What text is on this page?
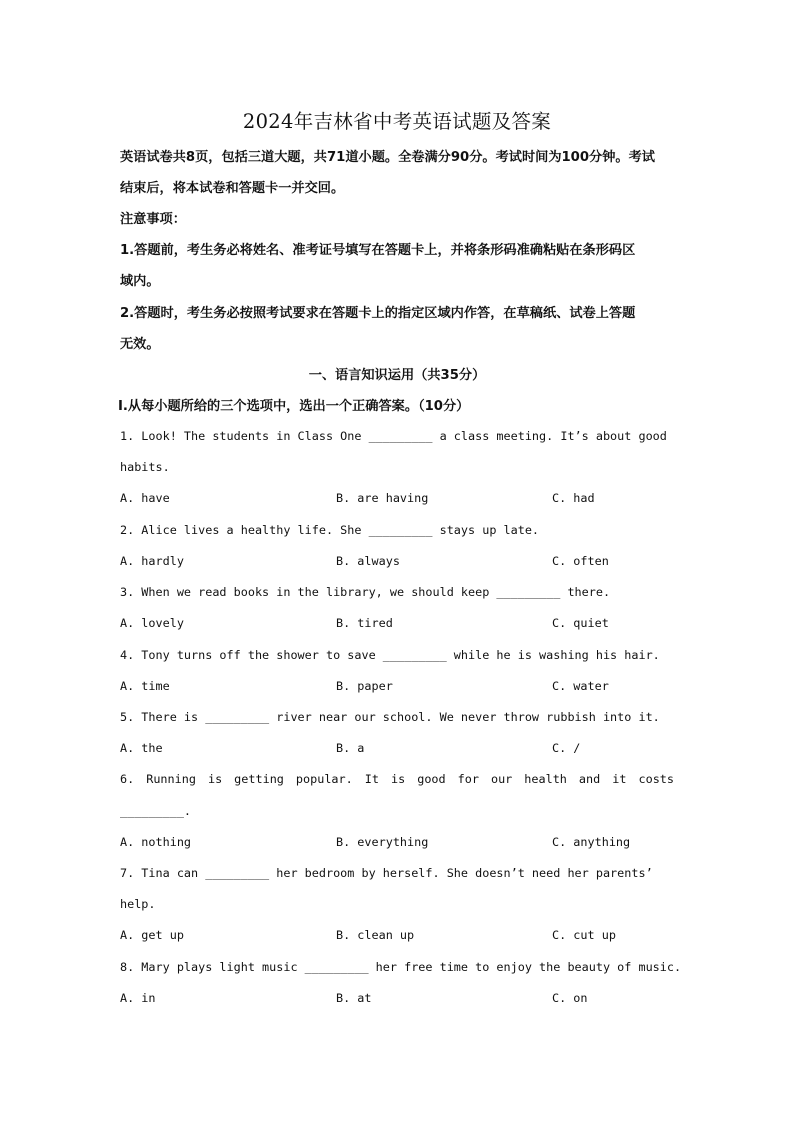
2024年吉林省中考英语试题及答案
英语试卷共8页，包括三道大题，共71道小题。全卷满分90分。考试时间为100分钟。考试
结束后，将本试卷和答题卡一并交回。
注意事项：
1.答题前，考生务必将姓名、准考证号填写在答题卡上，并将条形码准确粘贴在条形码区
域内。
2.答题时，考生务必按照考试要求在答题卡上的指定区域内作答，在草稿纸、试卷上答题
无效。
一、语言知识运用（共35分）
Ⅰ.从每小题所给的三个选项中，选出一个正确答案。（10分）
1. Look! The students in Class One _________ a class meeting. It’s about good
habits.
A. have	B. are having	C. had
2. Alice lives a healthy life. She _________ stays up late.
A. hardly	B. always	C. often
3. When we read books in the library, we should keep _________ there.
A. lovely	B. tired	C. quiet
4. Tony turns off the shower to save _________ while he is washing his hair.
A. time	B. paper	C. water
5. There is _________ river near our school. We never throw rubbish into it.
A. the	B. a	C. /
6. Running is getting popular. It is good for our health and it costs
_________.
A. nothing	B. everything	C. anything
7. Tina can _________ her bedroom by herself. She doesn’t need her parents’
help.
A. get up	B. clean up	C. cut up
8. Mary plays light music _________ her free time to enjoy the beauty of music.
A. in	B. at	C. on
